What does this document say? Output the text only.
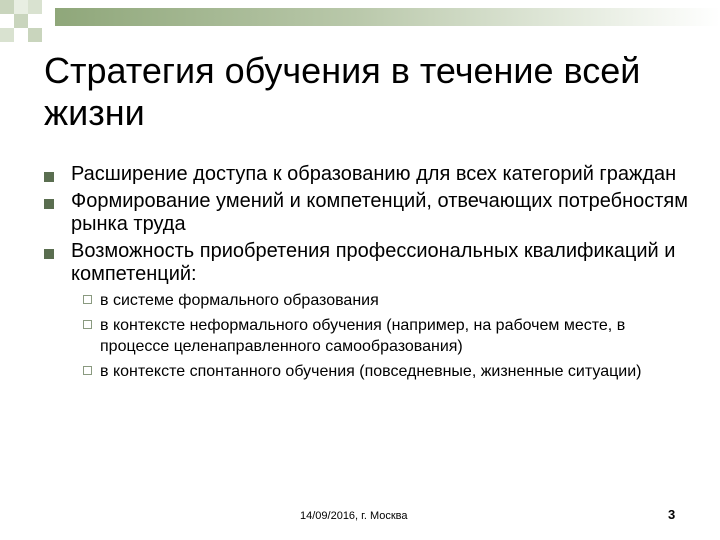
Стратегия обучения в течение всей жизни
Расширение доступа к образованию для всех категорий граждан
Формирование умений и компетенций, отвечающих потребностям рынка труда
Возможность приобретения профессиональных квалификаций и компетенций:
в системе формального образования
в контексте неформального обучения (например, на рабочем месте, в процессе целенаправленного самообразования)
в контексте спонтанного обучения (повседневные, жизненные ситуации)
14/09/2016, г. Москва	3
